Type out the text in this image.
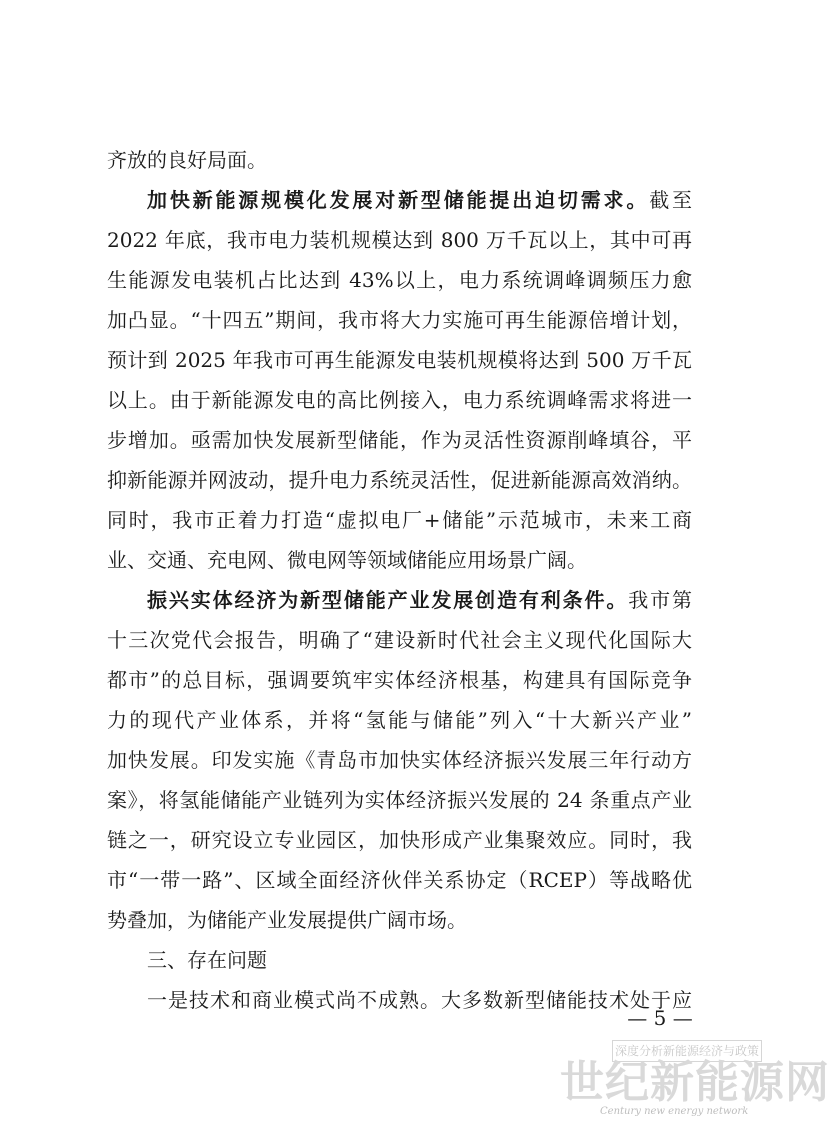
齐放的良好局面。
加快新能源规模化发展对新型储能提出迫切需求。截至
2022 年底，我市电力装机规模达到 800 万千瓦以上，其中可再
生能源发电装机占比达到 43%以上，电力系统调峰调频压力愈
加凸显。“十四五”期间，我市将大力实施可再生能源倍增计划，
预计到 2025 年我市可再生能源发电装机规模将达到 500 万千瓦
以上。由于新能源发电的高比例接入，电力系统调峰需求将进一
步增加。亟需加快发展新型储能，作为灵活性资源削峰填谷，平
抑新能源并网波动，提升电力系统灵活性，促进新能源高效消纳。
同时，我市正着力打造“虚拟电厂+储能”示范城市，未来工商
业、交通、充电网、微电网等领域储能应用场景广阔。
振兴实体经济为新型储能产业发展创造有利条件。我市第
十三次党代会报告，明确了“建设新时代社会主义现代化国际大
都市”的总目标，强调要筑牢实体经济根基，构建具有国际竞争
力的现代产业体系，并将“氢能与储能”列入“十大新兴产业”
加快发展。印发实施《青岛市加快实体经济振兴发展三年行动方
案》，将氢能储能产业链列为实体经济振兴发展的 24 条重点产业
链之一，研究设立专业园区，加快形成产业集聚效应。同时，我
市“一带一路”、区域全面经济伙伴关系协定（RCEP）等战略优
势叠加，为储能产业发展提供广阔市场。
三、存在问题
一是技术和商业模式尚不成熟。大多数新型储能技术处于应
— 5 —
深度分析新能源经济与政策
世纪新能源网
Century new energy network
